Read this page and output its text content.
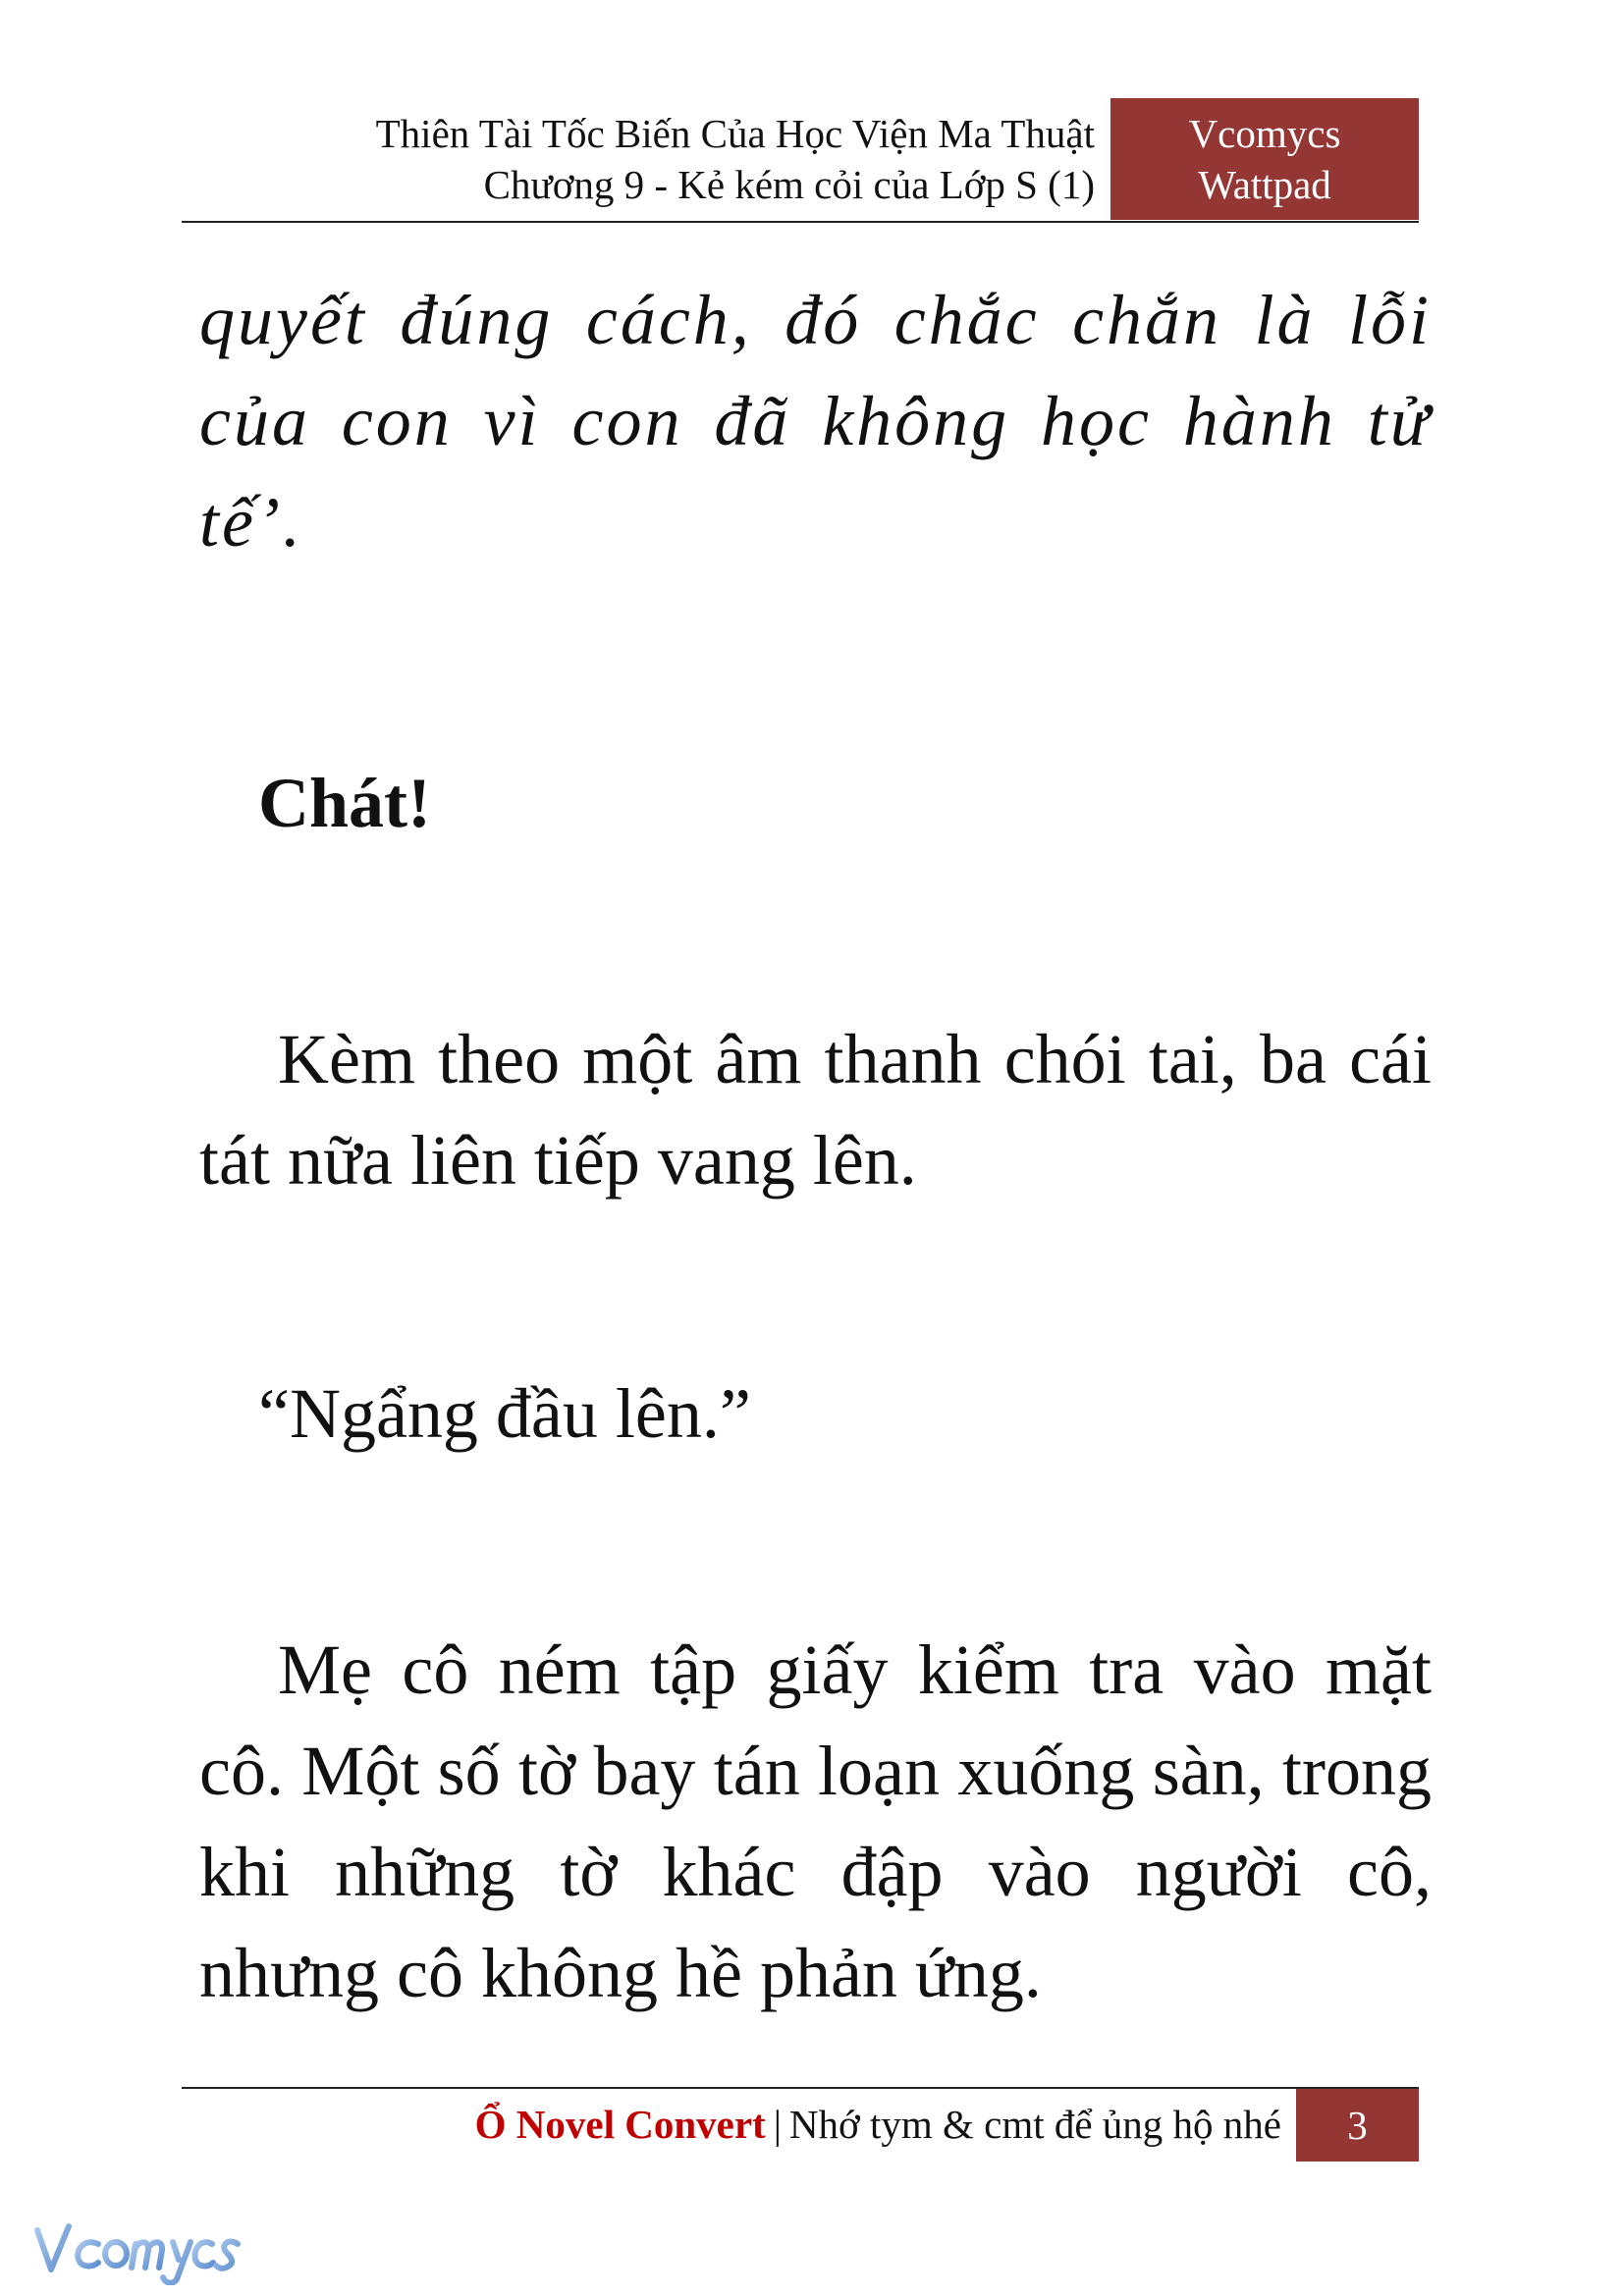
Thiên Tài Tốc Biến Của Học Viện Ma Thuật
Chương 9 - Kẻ kém cỏi của Lớp S (1)
Vcomycs
Wattpad

quyết đúng cách, đó chắc chắn là lỗi của con vì con đã không học hành tử tế’.

Chát!

Kèm theo một âm thanh chói tai, ba cái tát nữa liên tiếp vang lên.

“Ngẩng đầu lên.”

Mẹ cô ném tập giấy kiểm tra vào mặt cô. Một số tờ bay tán loạn xuống sàn, trong khi những tờ khác đập vào người cô, nhưng cô không hề phản ứng.

Ổ Novel Convert | Nhớ tym & cmt để ủng hộ nhé	3
